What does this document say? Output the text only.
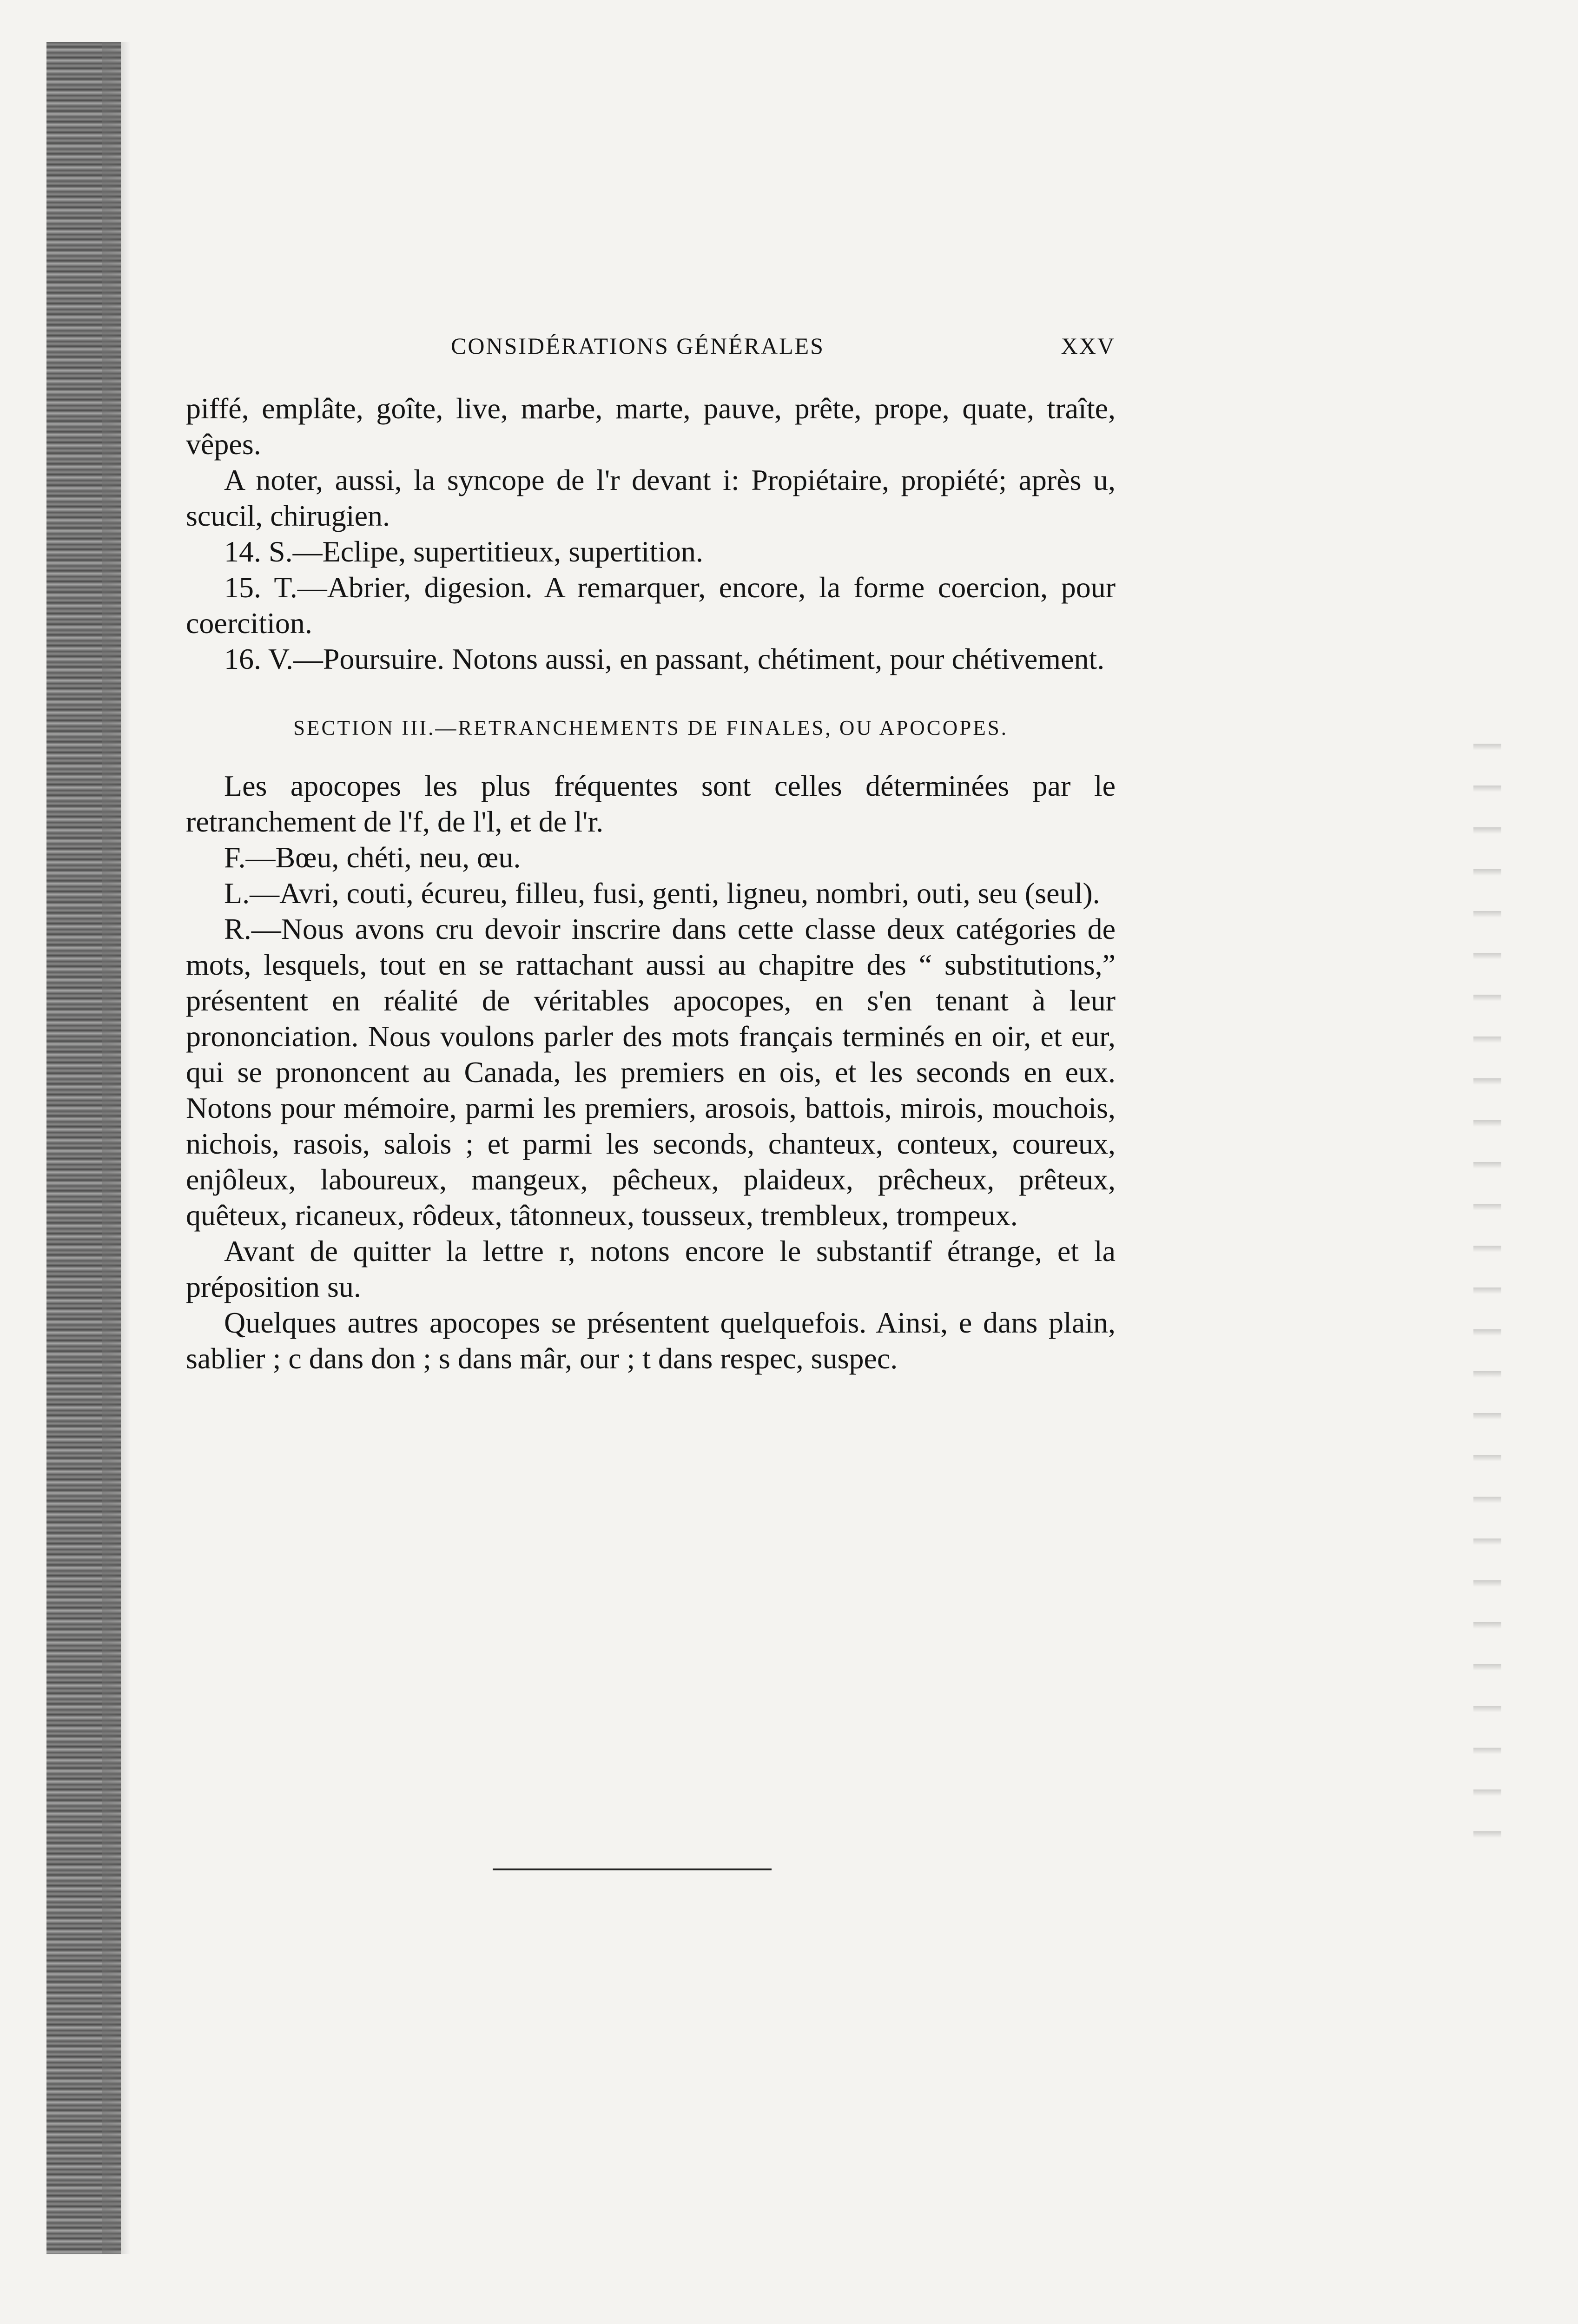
CONSIDÉRATIONS GÉNÉRALES	XXV

piffé, emplâte, goîte, live, marbe, marte, pauve, prête, prope, quate, traîte, vêpes.

A noter, aussi, la syncope de l'r devant i: Propiétaire, propiété; après u, scucil, chirugien.

14. S.—Eclipe, supertitieux, supertition.

15. T.—Abrier, digesion. A remarquer, encore, la forme coercion, pour coercition.

16. V.—Poursuire. Notons aussi, en passant, chétiment, pour chétivement.

SECTION III.—RETRANCHEMENTS DE FINALES, OU APOCOPES.

Les apocopes les plus fréquentes sont celles déterminées par le retranchement de l'f, de l'l, et de l'r.

F.—Bœu, chéti, neu, œu.

L.—Avri, couti, écureu, filleu, fusi, genti, ligneu, nombri, outi, seu (seul).

R.—Nous avons cru devoir inscrire dans cette classe deux catégories de mots, lesquels, tout en se rattachant aussi au chapitre des “ substitutions,” présentent en réalité de véritables apocopes, en s'en tenant à leur prononciation. Nous voulons parler des mots français terminés en oir, et eur, qui se prononcent au Canada, les premiers en ois, et les seconds en eux. Notons pour mémoire, parmi les premiers, arosois, battois, mirois, mouchois, nichois, rasois, salois ; et parmi les seconds, chanteux, conteux, coureux, enjôleux, laboureux, mangeux, pêcheux, plaideux, prêcheux, prêteux, quêteux, ricaneux, rôdeux, tâtonneux, tousseux, trembleux, trompeux.

Avant de quitter la lettre r, notons encore le substantif étrange, et la préposition su.

Quelques autres apocopes se présentent quelquefois. Ainsi, e dans plain, sablier ; c dans don ; s dans mâr, our ; t dans respec, suspec.
